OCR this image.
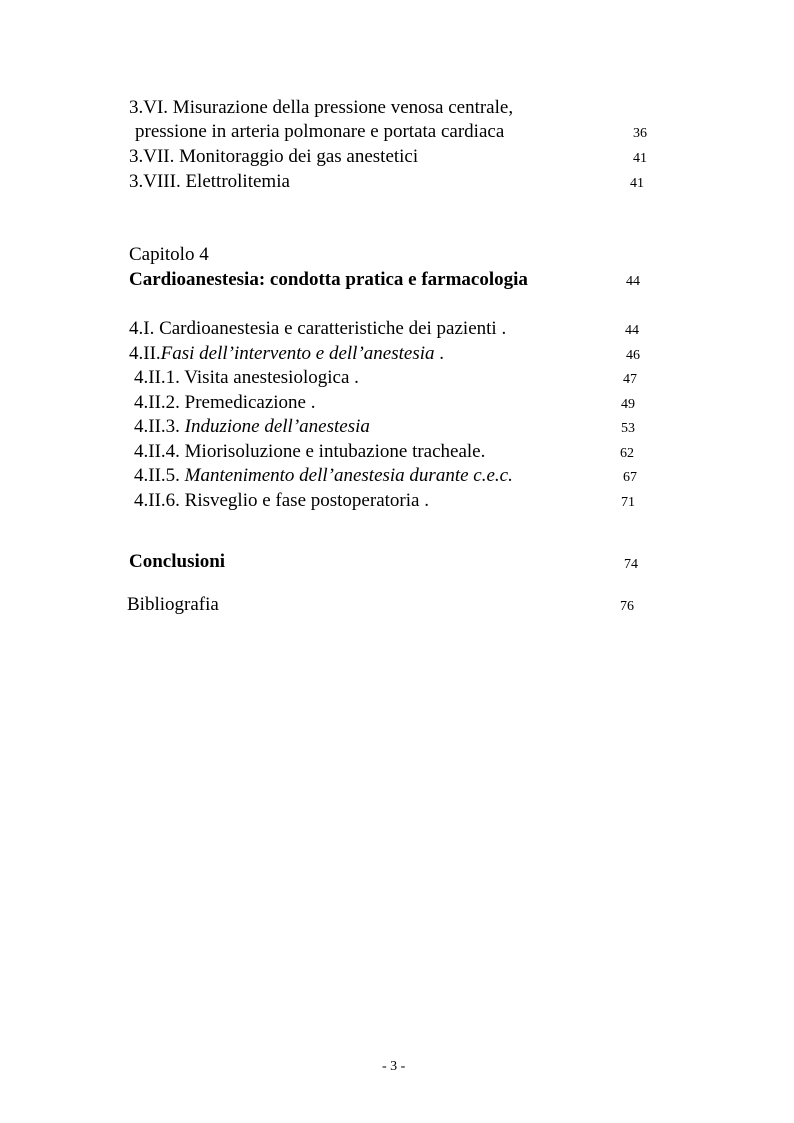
3.VI. Misurazione della pressione venosa centrale,
pressione in arteria polmonare e portata cardiaca	36
3.VII. Monitoraggio dei gas anestetici	41
3.VIII. Elettrolitemia	41
Capitolo 4
Cardioanestesia: condotta pratica e farmacologia	44
4.I. Cardioanestesia e caratteristiche dei pazienti .	44
4.II.Fasi dell’intervento e dell’anestesia .	46
4.II.1. Visita anestesiologica .	47
4.II.2. Premedicazione .	49
4.II.3. Induzione dell’anestesia	53
4.II.4. Miorisoluzione e intubazione tracheale.	62
4.II.5. Mantenimento dell’anestesia durante c.e.c.	67
4.II.6. Risveglio e fase postoperatoria .	71
Conclusioni	74
Bibliografia	76
- 3 -
